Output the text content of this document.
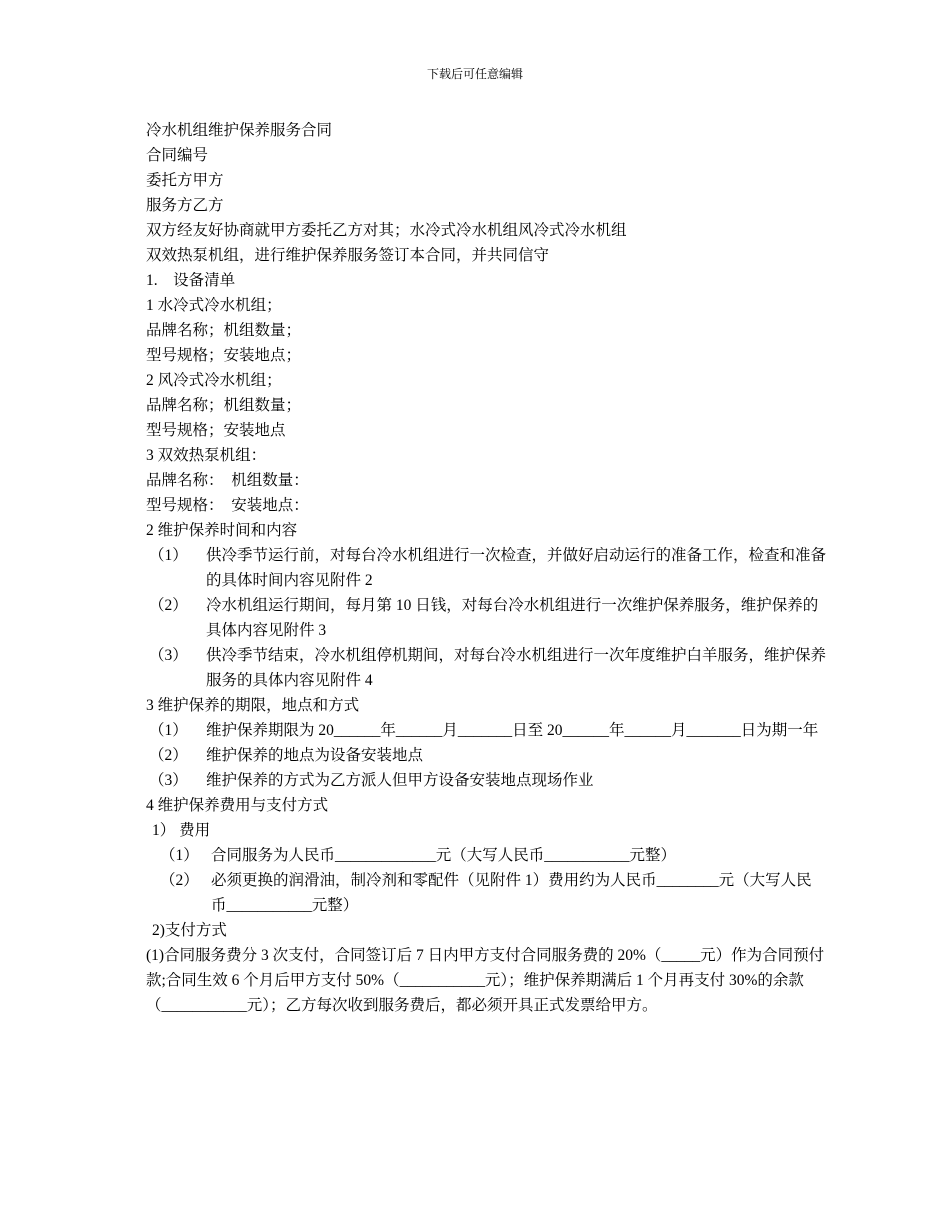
下载后可任意编辑
冷水机组维护保养服务合同
合同编号
委托方甲方
服务方乙方
双方经友好协商就甲方委托乙方对其；水冷式冷水机组风冷式冷水机组
双效热泵机组，进行维护保养服务签订本合同，并共同信守
1.　设备清单
1 水冷式冷水机组；
品牌名称；机组数量；
型号规格；安装地点；
2 风冷式冷水机组；
品牌名称；机组数量；
型号规格；安装地点
3 双效热泵机组：
品牌名称：　机组数量：
型号规格：　安装地点：
2 维护保养时间和内容
（1）	供冷季节运行前，对每台冷水机组进行一次检查，并做好启动运行的准备工作，检查和准备的具体时间内容见附件 2
（2）	冷水机组运行期间，每月第 10 日钱，对每台冷水机组进行一次维护保养服务，维护保养的具体内容见附件 3
（3）	供冷季节结束，冷水机组停机期间，对每台冷水机组进行一次年度维护白羊服务，维护保养服务的具体内容见附件 4
3 维护保养的期限，地点和方式
（1）	维护保养期限为 20______年______月_______日至 20______年______月_______日为期一年
（2）	维护保养的地点为设备安装地点
（3）	维护保养的方式为乙方派人但甲方设备安装地点现场作业
4 维护保养费用与支付方式
1） 费用
（1） 合同服务为人民币_____________元（大写人民币___________元整）
（2） 必须更换的润滑油，制冷剂和零配件（见附件 1）费用约为人民币________元（大写人民币___________元整）
2)支付方式
(1)合同服务费分 3 次支付，合同签订后 7 日内甲方支付合同服务费的 20%（_____元）作为合同预付款;合同生效 6 个月后甲方支付 50%（___________元）；维护保养期满后 1 个月再支付 30%的余款（___________元）；乙方每次收到服务费后，都必须开具正式发票给甲方。
